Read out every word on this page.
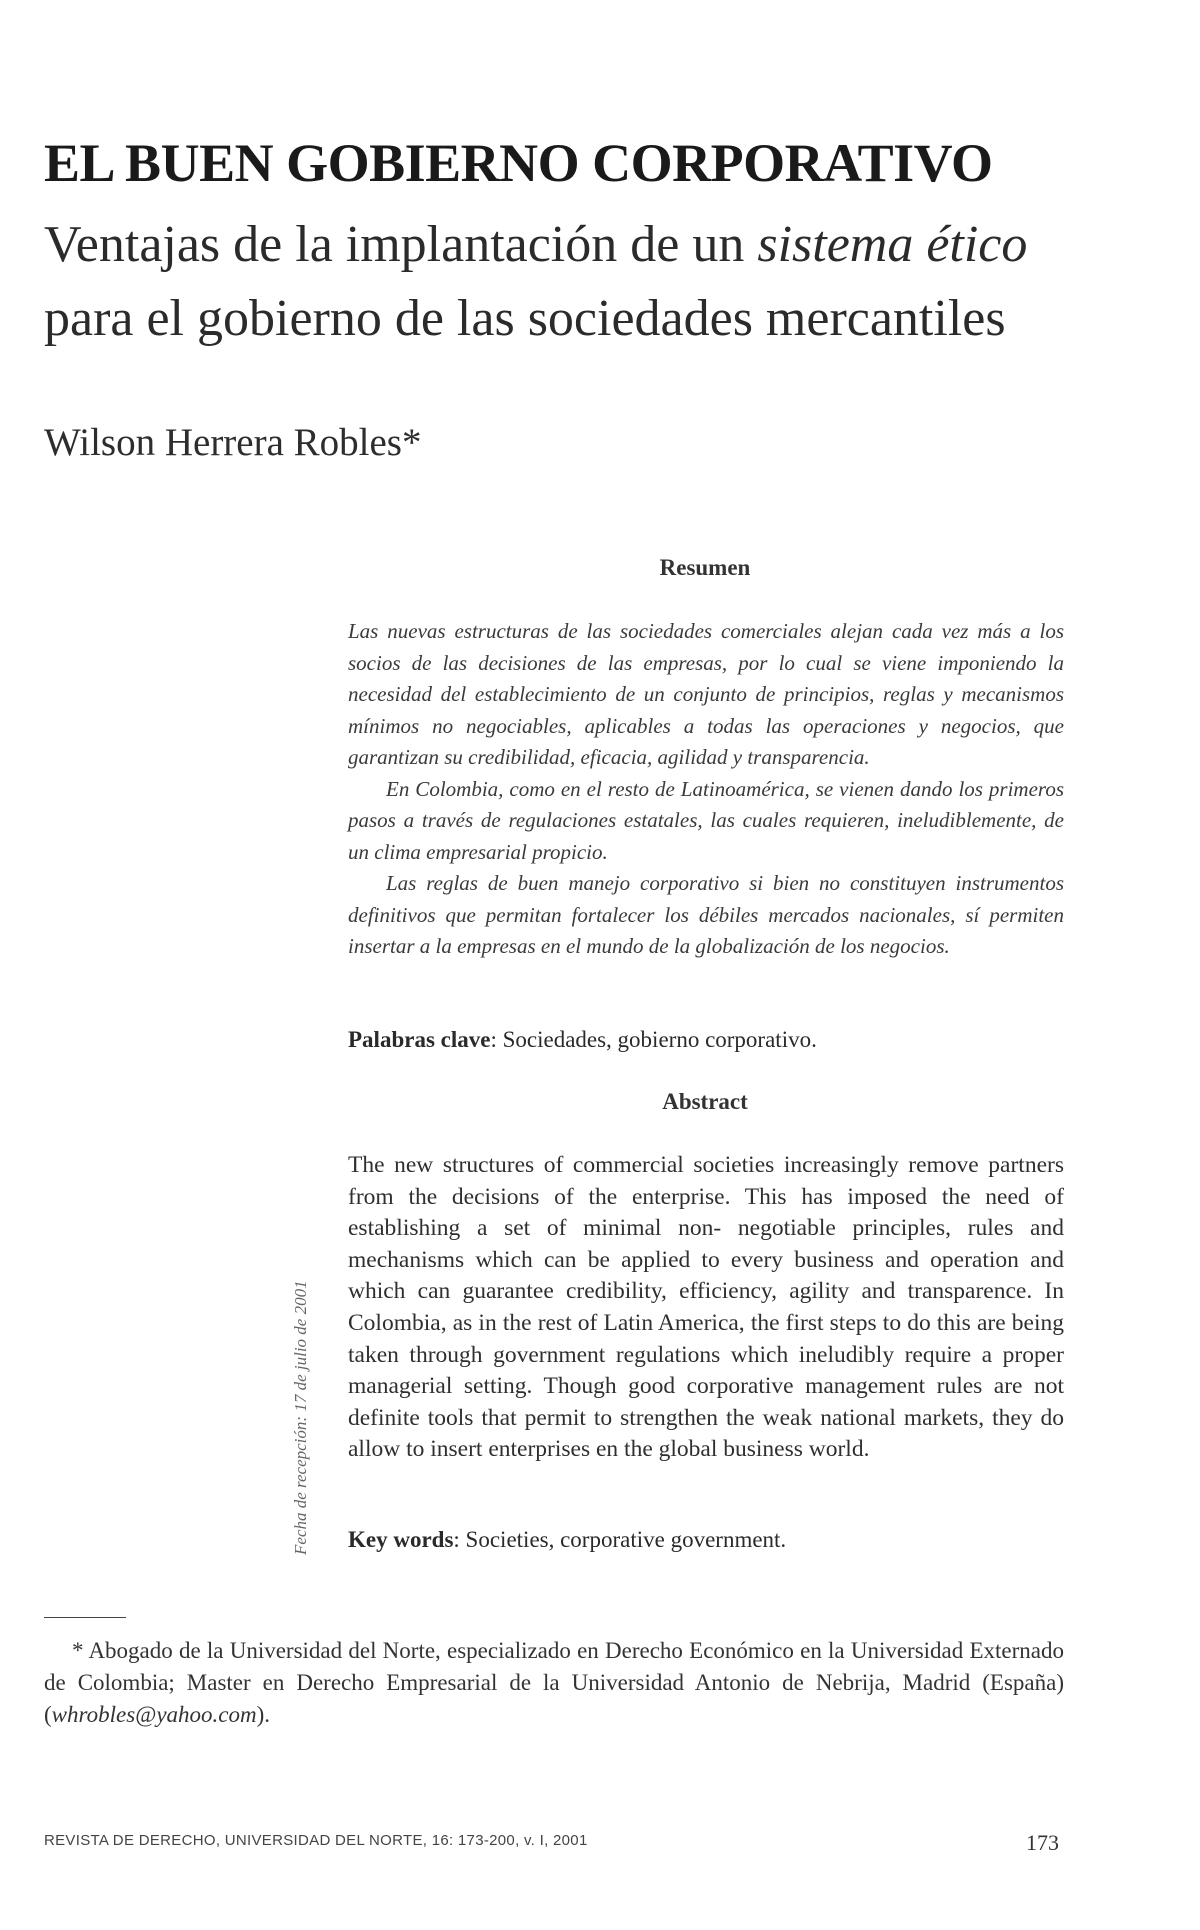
EL BUEN GOBIERNO CORPORATIVO
Ventajas de la implantación de un sistema ético para el gobierno de las sociedades mercantiles

Wilson Herrera Robles*

Resumen

Las nuevas estructuras de las sociedades comerciales alejan cada vez más a los socios de las decisiones de las empresas, por lo cual se viene imponiendo la necesidad del establecimiento de un conjunto de principios, reglas y mecanismos mínimos no negociables, aplicables a todas las operaciones y negocios, que garantizan su credibilidad, eficacia, agilidad y transparencia.

En Colombia, como en el resto de Latinoamérica, se vienen dando los primeros pasos a través de regulaciones estatales, las cuales requieren, ineludiblemente, de un clima empresarial propicio.

Las reglas de buen manejo corporativo si bien no constituyen instrumentos definitivos que permitan fortalecer los débiles mercados nacionales, sí permiten insertar a la empresas en el mundo de la globalización de los negocios.

Palabras clave: Sociedades, gobierno corporativo.
Abstract

The new structures of commercial societies increasingly remove partners from the decisions of the enterprise. This has imposed the need of establishing a set of minimal non- negotiable principles, rules and mechanisms which can be applied to every business and operation and which can guarantee credibility, efficiency, agility and transparence. In Colombia, as in the rest of Latin America, the first steps to do this are being taken through government regulations which ineludibly require a proper managerial setting. Though good corporative management rules are not definite tools that permit to strengthen the weak national markets, they do allow to insert enterprises en the global business world.

Key words: Societies, corporative government.
Fecha de recepción: 17 de julio de 2001

* Abogado de la Universidad del Norte, especializado en Derecho Económico en la Universidad Externado de Colombia; Master en Derecho Empresarial de la Universidad Antonio de Nebrija, Madrid (España) (whrobles@yahoo.com).

REVISTA DE DERECHO, UNIVERSIDAD DEL NORTE, 16: 173-200, v. I, 2001	173
